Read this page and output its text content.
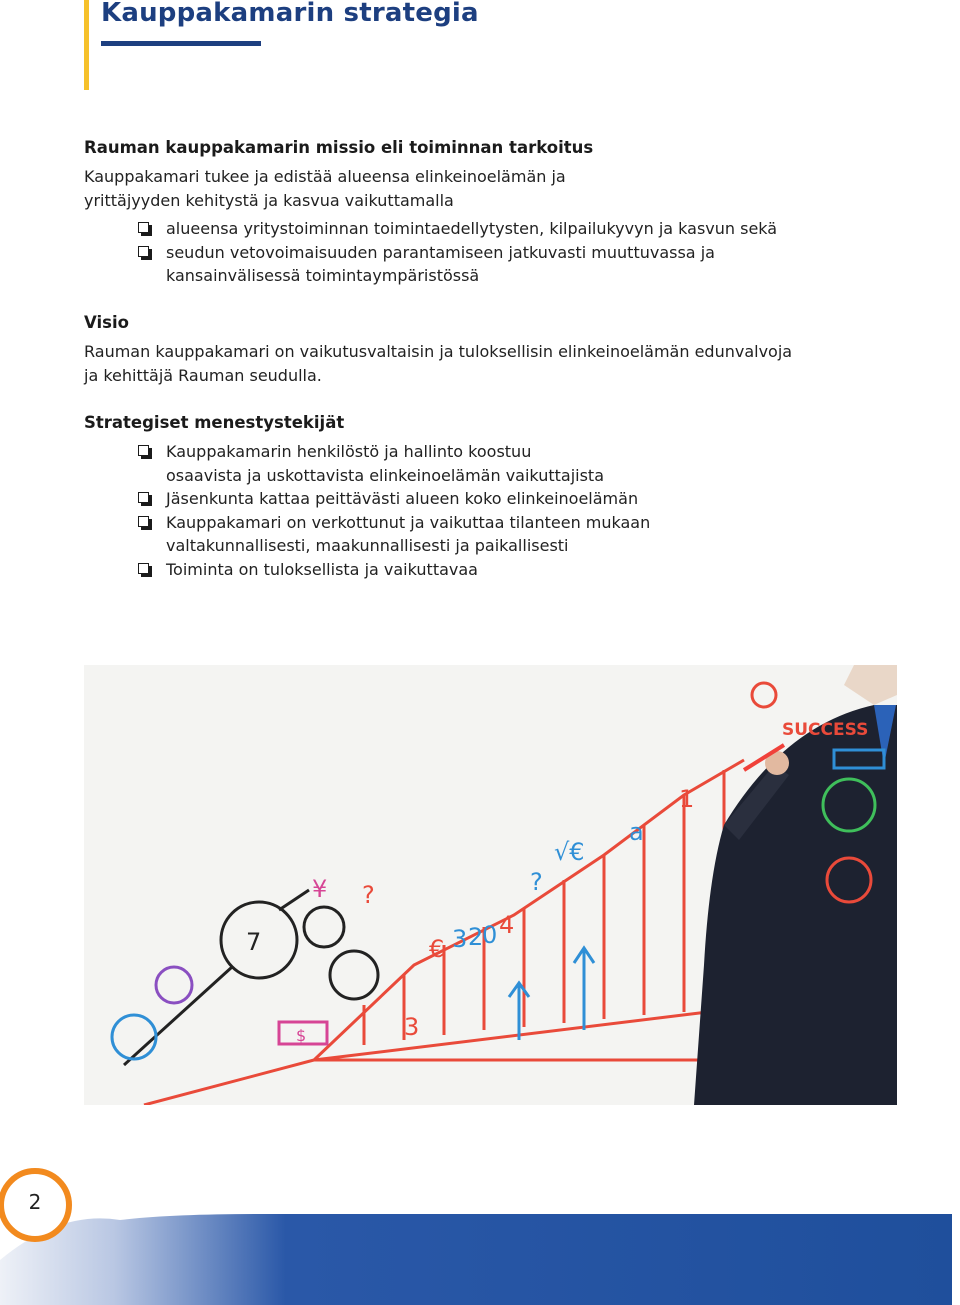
Kauppakamarin strategia

Rauman kauppakamarin missio eli toiminnan tarkoitus

Kauppakamari tukee ja edistää alueensa elinkeinoelämän ja

yrittäjyyden kehitystä ja kasvua vaikuttamalla

alueensa yritystoiminnan toimintaedellytysten, kilpailukyvyn ja kasvun sekä
seudun vetovoimaisuuden parantamiseen jatkuvasti muuttuvassa ja
kansainvälisessä toimintaympäristössä

Visio

Rauman kauppakamari on vaikutusvaltaisin ja tuloksellisin elinkeinoelämän edunvalvoja

ja kehittäjä Rauman seudulla.

Strategiset menestystekijät

Kauppakamarin henkilöstö ja hallinto koostuu
osaavista ja uskottavista elinkeinoelämän vaikuttajista
Jäsenkunta kattaa peittävästi alueen koko elinkeinoelämän
Kauppakamari on verkottunut ja vaikuttaa tilanteen mukaan
valtakunnallisesti, maakunnallisesti ja paikallisesti
Toiminta on tuloksellista ja vaikuttavaa
€ 3 2
0
a
1
4
3
?	?
¥
7
$
√€
SUCCESS
2
